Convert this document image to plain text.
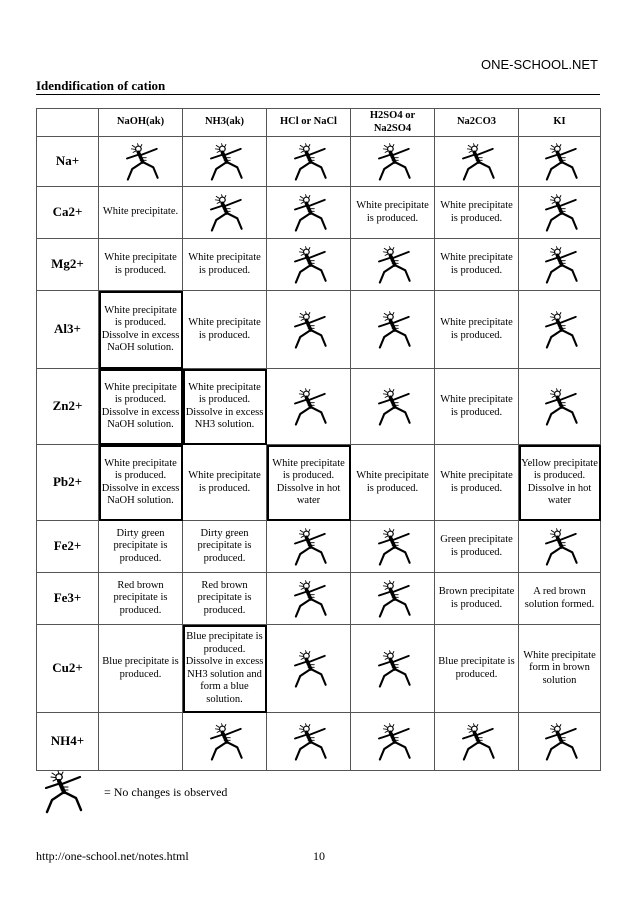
ONE-SCHOOL.NET
Idendification of cation
	NaOH(ak)	NH3(ak)	HCl or NaCl	H2SO4 or Na2SO4	Na2CO3	KI
Na+	

Ca2+	White precipitate.			White precipitate is produced.	White precipitate is produced.	

Mg2+	White precipitate is produced.	White precipitate is produced.			White precipitate is produced.	

Al3+	White precipitate is produced. Dissolve in excess NaOH solution.	White precipitate is produced.			White precipitate is produced.	

Zn2+	White precipitate is produced. Dissolve in excess NaOH solution.	White precipitate is produced. Dissolve in excess NH3 solution.			White precipitate is produced.	

Pb2+	White precipitate is produced. Dissolve in excess NaOH solution.	White precipitate is produced.	White precipitate is produced. Dissolve in hot water	White precipitate is produced.	White precipitate is produced.	Yellow precipitate is produced. Dissolve in hot water
Fe2+	Dirty green precipitate is produced.	Dirty green precipitate is produced.			Green precipitate is produced.	

Fe3+	Red brown precipitate is produced.	Red brown precipitate is produced.			Brown precipitate is produced.	A red brown solution formed.
Cu2+	Blue precipitate is produced.	Blue precipitate is produced. Dissolve in excess NH3 solution and form a blue solution.			Blue precipitate is produced.	White precipitate form in brown solution
NH4+		

= No changes is observed
http://one-school.net/notes.html	10
